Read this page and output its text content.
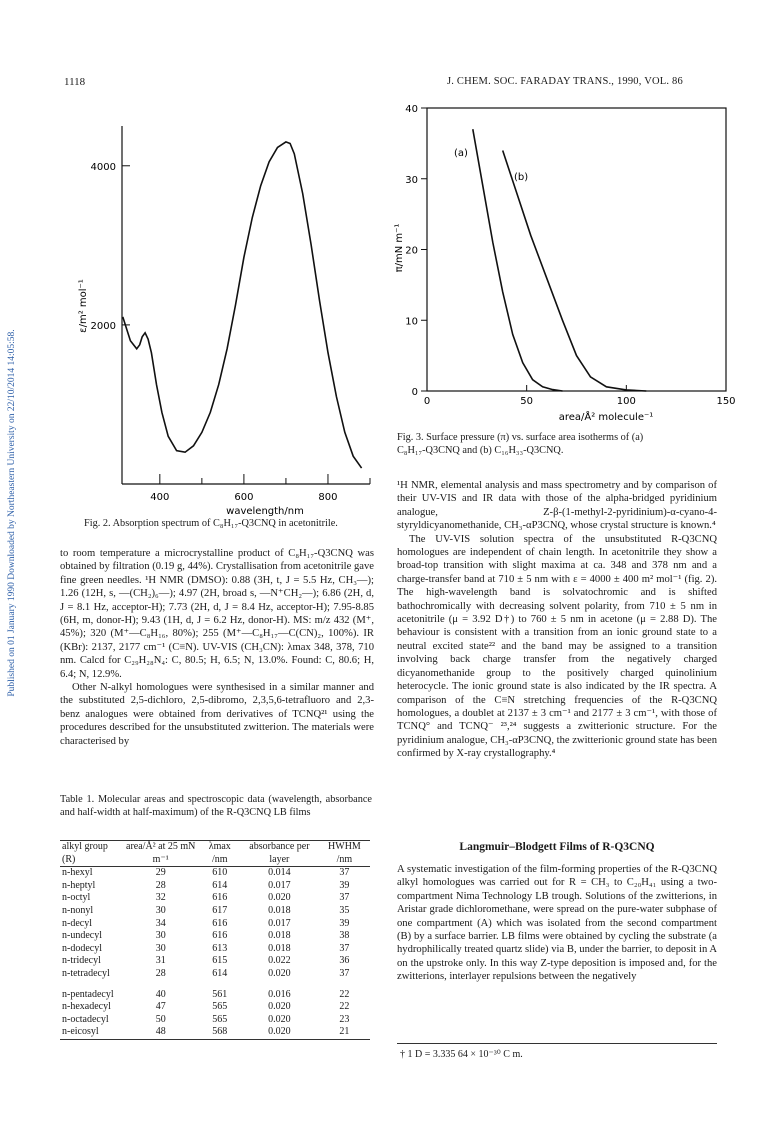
Published on 01 January 1990 Downloaded by Northeastern University on 22/10/2014 14:05:58.
1118	J. CHEM. SOC. FARADAY TRANS., 1990, VOL. 86
400	600	800
2000
4000
ε/m² mol⁻¹
wavelength/nm
Fig. 2. Absorption spectrum of C₈H₁₇-Q3CNQ in acetonitrile.
0	50	100	150
0
10
20
30
40
(a)
(b)
π/mN m⁻¹
area/Å² molecule⁻¹
Fig. 3. Surface pressure (π) vs. surface area isotherms of (a)
C₈H₁₇-Q3CNQ and (b) C₁₆H₃₃-Q3CNQ.

to room temperature a microcrystalline product of C₈H₁₇-Q3CNQ was obtained by filtration (0.19 g, 44%). Crystallisation from acetonitrile gave fine green needles. ¹H NMR (DMSO): 0.88 (3H, t, J = 5.5 Hz, CH₃—); 1.26 (12H, s, —(CH₂)₆—); 4.97 (2H, broad s, —N⁺CH₂—); 6.86 (2H, d, J = 8.1 Hz, acceptor-H); 7.73 (2H, d, J = 8.4 Hz, acceptor-H); 7.95-8.85 (6H, m, donor-H); 9.43 (1H, d, J = 6.2 Hz, donor-H). MS: m/z 432 (M⁺, 45%); 320 (M⁺—C₈H₁₆, 80%); 255 (M⁺—C₈H₁₇—C(CN)₂, 100%). IR (KBr): 2137, 2177 cm⁻¹ (C≡N). UV-VIS (CH₃CN): λmax 348, 378, 710 nm. Calcd for C₂₉H₂₈N₄: C, 80.5; H, 6.5; N, 13.0%. Found: C, 80.6; H, 6.4; N, 12.9%.

Other N-alkyl homologues were synthesised in a similar manner and the substituted 2,5-dichloro, 2,5-dibromo, 2,3,5,6-tetrafluoro and 2,3-benz analogues were obtained from derivatives of TCNQ²¹ using the procedures described for the unsubstituted zwitterion. The materials were characterised by

Table 1. Molecular areas and spectroscopic data (wavelength, absorbance and half-width at half-maximum) of the R-Q3CNQ LB films
alkyl group (R)	area/Å² at 25 mN m⁻¹	λmax /nm	absorbance per layer	HWHM /nm
n-hexyl	29	610	0.014	37
n-heptyl	28	614	0.017	39
n-octyl	32	616	0.020	37
n-nonyl	30	617	0.018	35
n-decyl	34	616	0.017	39
n-undecyl	30	616	0.018	38
n-dodecyl	30	613	0.018	37
n-tridecyl	31	615	0.022	36
n-tetradecyl	28	614	0.020	37

n-pentadecyl	40	561	0.016	22
n-hexadecyl	47	565	0.020	22
n-octadecyl	50	565	0.020	23
n-eicosyl	48	568	0.020	21

¹H NMR, elemental analysis and mass spectrometry and by comparison of their UV-VIS and IR data with those of the alpha-bridged pyridinium analogue, Z-β-(1-methyl-2-pyridinium)-α-cyano-4-styryldicyanomethanide, CH₃-αP3CNQ, whose crystal structure is known.⁴

The UV-VIS solution spectra of the unsubstituted R-Q3CNQ homologues are independent of chain length. In acetonitrile they show a broad-top transition with slight maxima at ca. 348 and 378 nm and a charge-transfer band at 710 ± 5 nm with ε = 4000 ± 400 m² mol⁻¹ (fig. 2). The high-wavelength band is solvatochromic and is shifted bathochromically with decreasing solvent polarity, from 710 ± 5 nm in acetonitrile (μ = 3.92 D†) to 760 ± 5 nm in acetone (μ = 2.88 D). The behaviour is consistent with a transition from an ionic ground state to a neutral excited state²² and the band may be assigned to a transition involving back charge transfer from the negatively charged dicyanomethanide group to the positively charged quinolinium heterocycle. The ionic ground state is also indicated by the IR spectra. A comparison of the C≡N stretching frequencies of the R-Q3CNQ homologues, a doublet at 2137 ± 3 cm⁻¹ and 2177 ± 3 cm⁻¹, with those of TCNQ° and TCNQ⁻ ²³,²⁴ suggests a zwitterionic structure. For the pyridinium analogue, CH₃-αP3CNQ, the zwitterionic ground state has been confirmed by X-ray crystallography.⁴

Langmuir–Blodgett Films of R-Q3CNQ

A systematic investigation of the film-forming properties of the R-Q3CNQ alkyl homologues was carried out for R = CH₃ to C₂₀H₄₁ using a two-compartment Nima Technology LB trough. Solutions of the zwitterions, in Aristar grade dichloromethane, were spread on the pure-water subphase of one compartment (A) which was isolated from the second compartment (B) by a surface barrier. LB films were obtained by cycling the substrate (a hydrophilically treated quartz slide) via B, under the barrier, to deposit in A on the upstroke only. In this way Z-type deposition is imposed and, for the zwitterions, interlayer repulsions between the negatively

† 1 D = 3.335 64 × 10⁻³⁰ C m.
